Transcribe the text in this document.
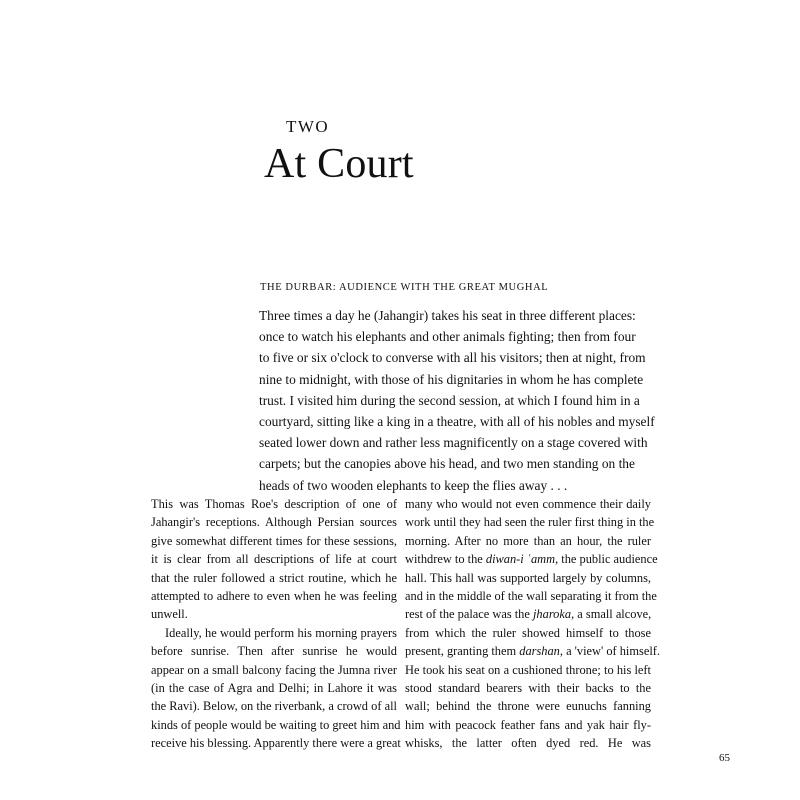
TWO
At Court
THE DURBAR: AUDIENCE WITH THE GREAT MUGHAL
Three times a day he (Jahangir) takes his seat in three different places:
once to watch his elephants and other animals fighting; then from four
to five or six o'clock to converse with all his visitors; then at night, from
nine to midnight, with those of his dignitaries in whom he has complete
trust. I visited him during the second session, at which I found him in a
courtyard, sitting like a king in a theatre, with all of his nobles and myself
seated lower down and rather less magnificently on a stage covered with
carpets; but the canopies above his head, and two men standing on the
heads of two wooden elephants to keep the flies away . . .
This was Thomas Roe's description of one of
Jahangir's receptions. Although Persian sources
give somewhat different times for these sessions,
it is clear from all descriptions of life at court
that the ruler followed a strict routine, which he
attempted to adhere to even when he was feeling
unwell.
Ideally, he would perform his morning prayers
before sunrise. Then after sunrise he would
appear on a small balcony facing the Jumna river
(in the case of Agra and Delhi; in Lahore it was
the Ravi). Below, on the riverbank, a crowd of all
kinds of people would be waiting to greet him and
receive his blessing. Apparently there were a great
many who would not even commence their daily
work until they had seen the ruler first thing in the
morning. After no more than an hour, the ruler
withdrew to the diwan-i ʿamm, the public audience
hall. This hall was supported largely by columns,
and in the middle of the wall separating it from the
rest of the palace was the jharoka, a small alcove,
from which the ruler showed himself to those
present, granting them darshan, a 'view' of himself.
He took his seat on a cushioned throne; to his left
stood standard bearers with their backs to the
wall; behind the throne were eunuchs fanning
him with peacock feather fans and yak hair fly-
whisks, the latter often dyed red. He was

65
